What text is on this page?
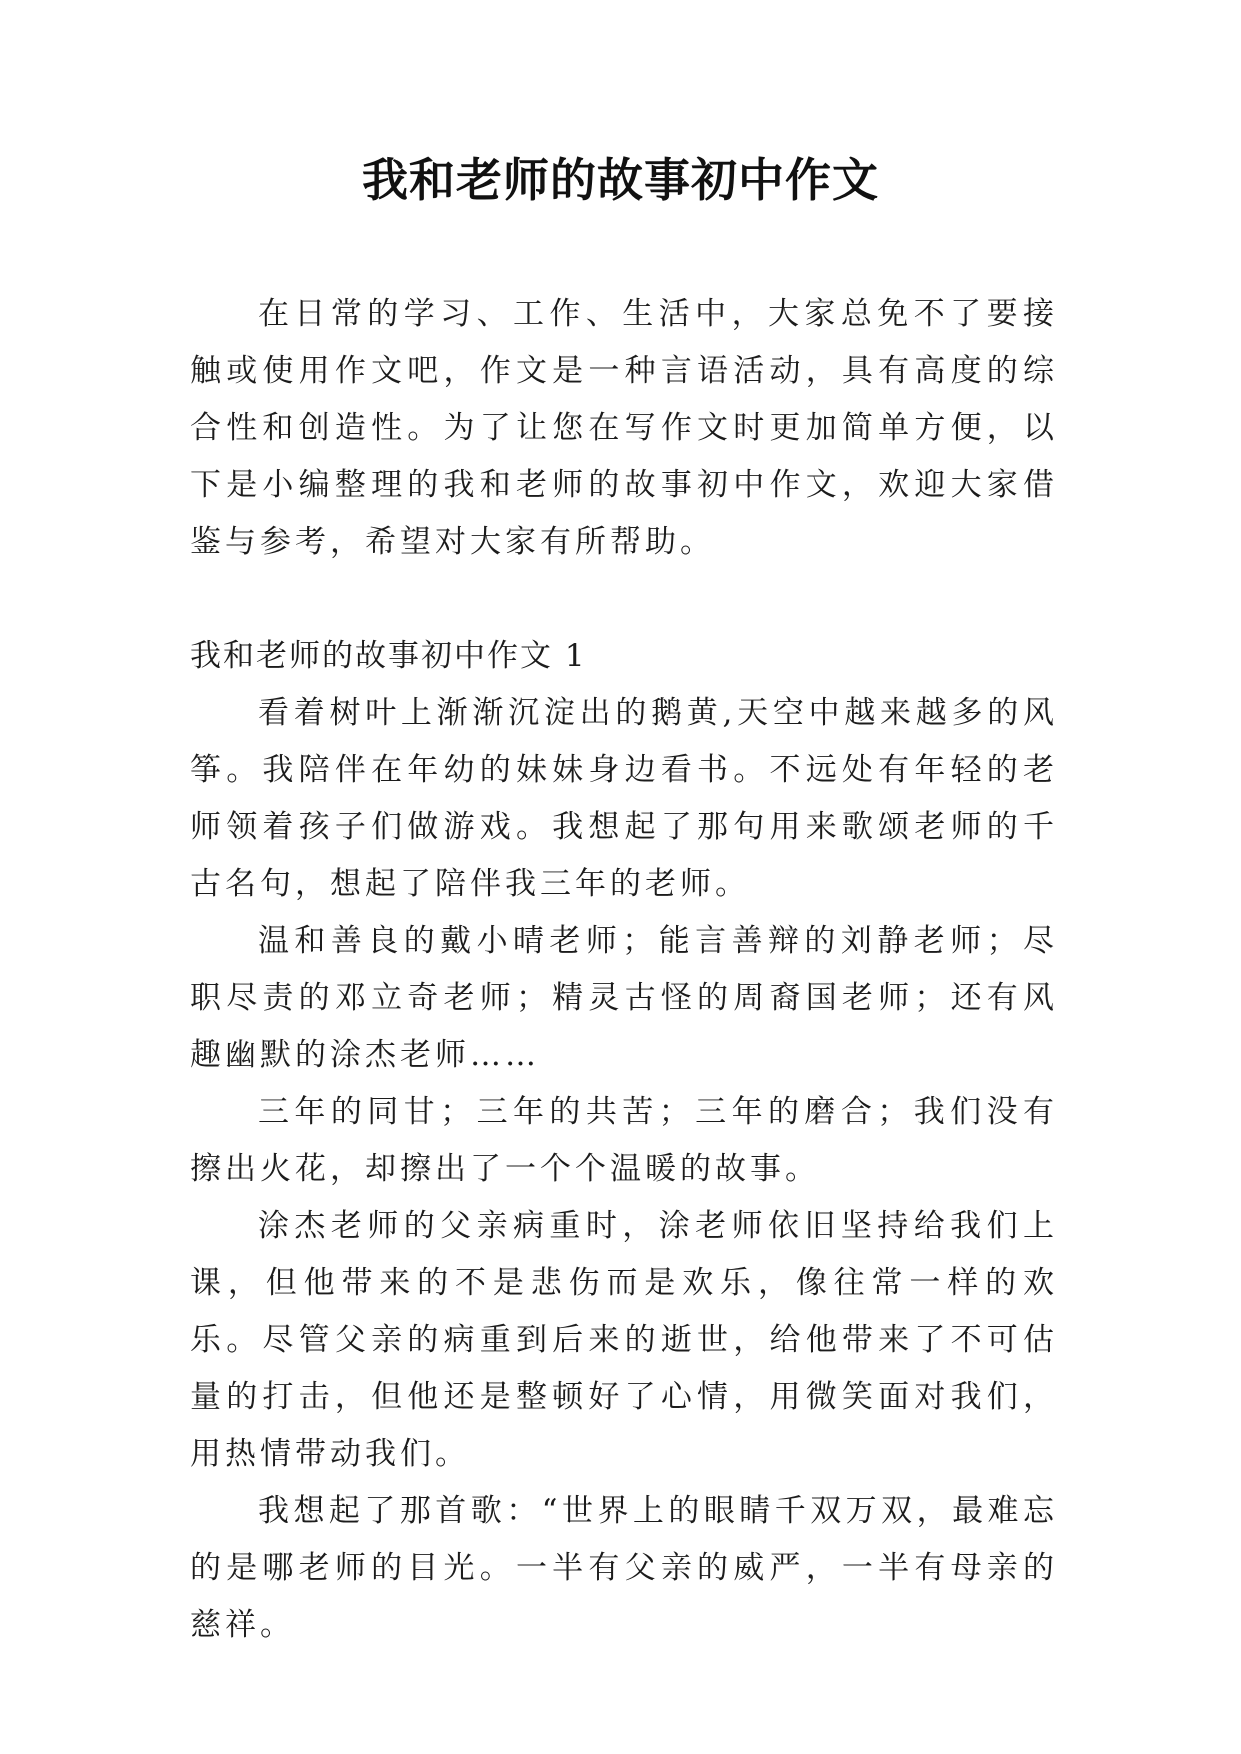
我和老师的故事初中作文

在日常的学习、工作、生活中，大家总免不了要接触或使用作文吧，作文是一种言语活动，具有高度的综合性和创造性。为了让您在写作文时更加简单方便，以下是小编整理的我和老师的故事初中作文，欢迎大家借鉴与参考，希望对大家有所帮助。

我和老师的故事初中作文 1

看着树叶上渐渐沉淀出的鹅黄,天空中越来越多的风筝。我陪伴在年幼的妹妹身边看书。不远处有年轻的老师领着孩子们做游戏。我想起了那句用来歌颂老师的千古名句，想起了陪伴我三年的老师。

温和善良的戴小晴老师；能言善辩的刘静老师；尽职尽责的邓立奇老师；精灵古怪的周裔国老师；还有风趣幽默的涂杰老师……

三年的同甘；三年的共苦；三年的磨合；我们没有擦出火花，却擦出了一个个温暖的故事。

涂杰老师的父亲病重时，涂老师依旧坚持给我们上课，但他带来的不是悲伤而是欢乐，像往常一样的欢乐。尽管父亲的病重到后来的逝世，给他带来了不可估量的打击，但他还是整顿好了心情，用微笑面对我们，用热情带动我们。

我想起了那首歌：“世界上的眼睛千双万双，最难忘的是哪老师的目光。一半有父亲的威严，一半有母亲的慈祥。
